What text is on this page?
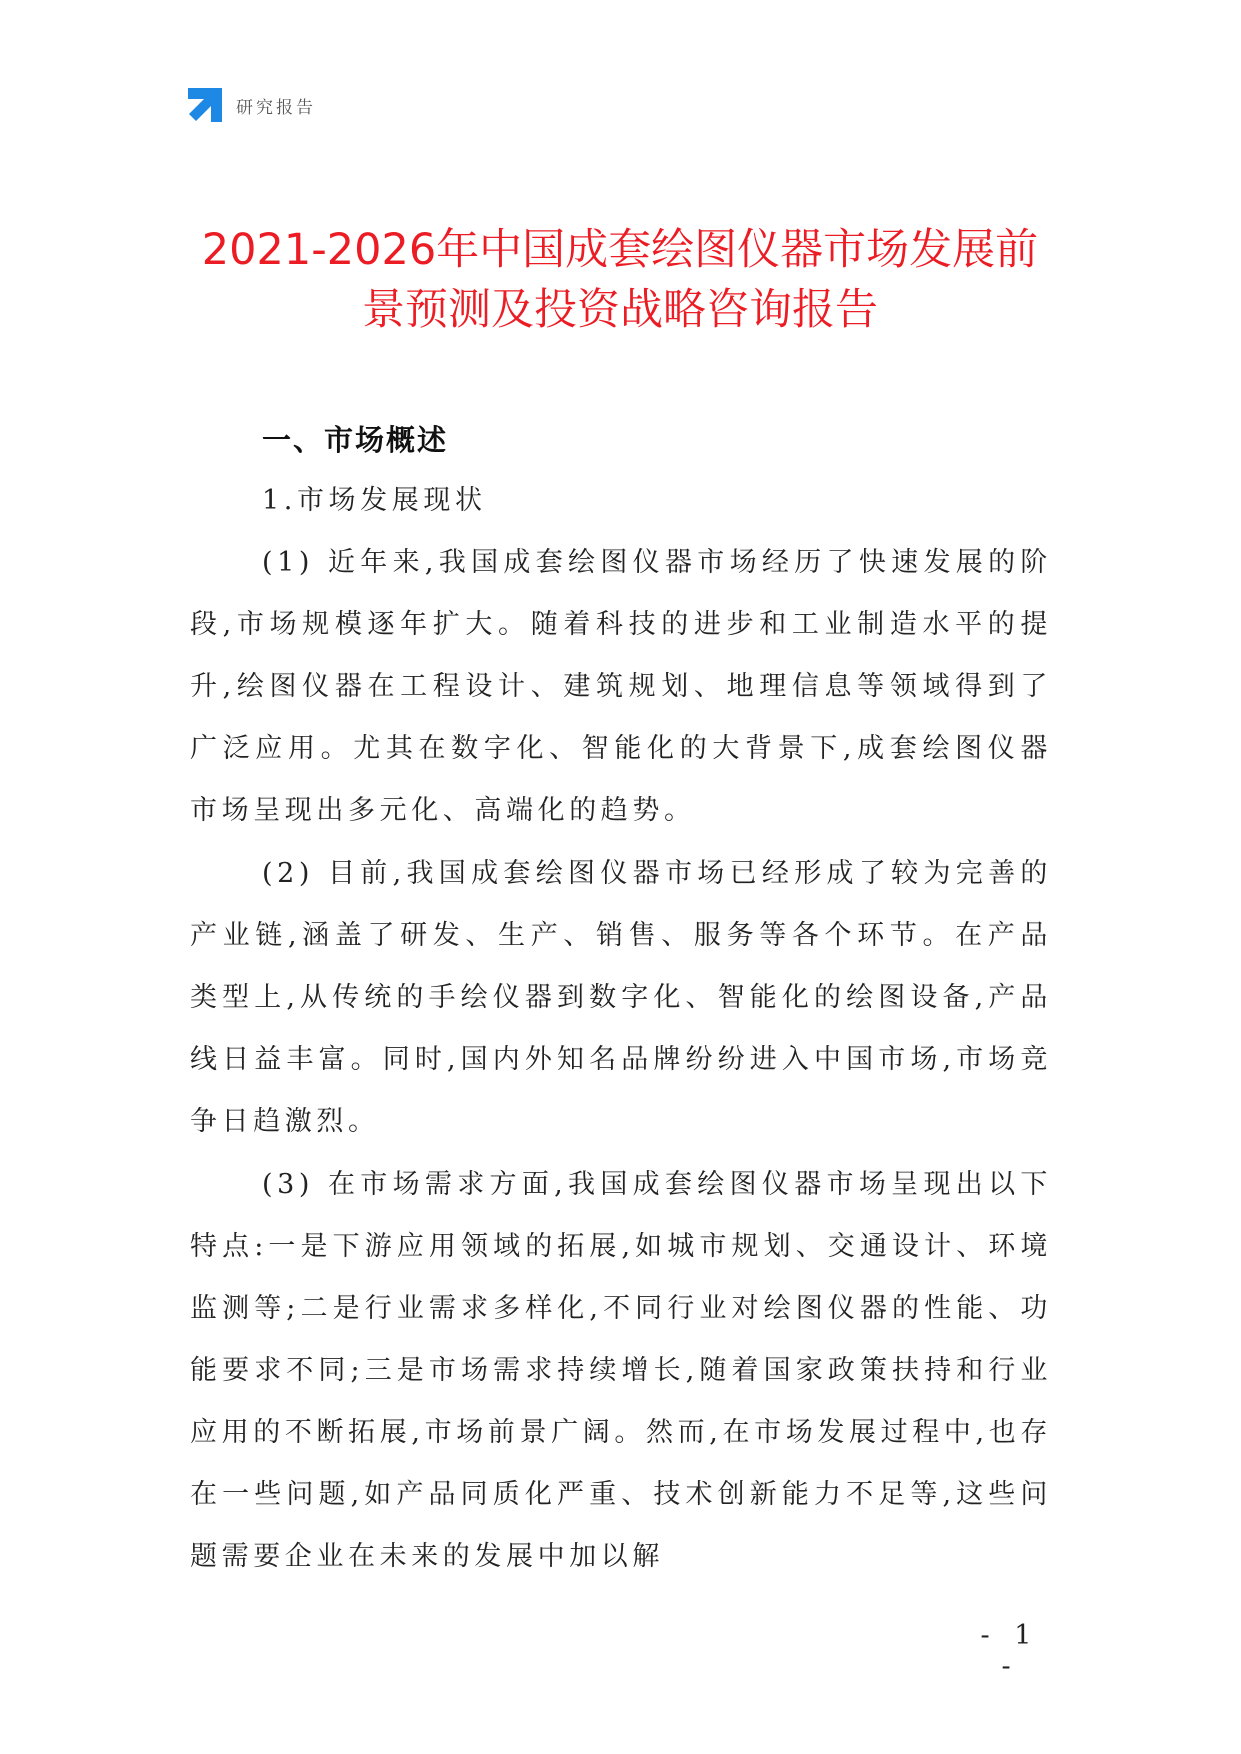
研究报告
2021-2026年中国成套绘图仪器市场发展前景预测及投资战略咨询报告
一、市场概述
1.市场发展现状

(1) 近年来,我国成套绘图仪器市场经历了快速发展的阶段,市场规模逐年扩大。随着科技的进步和工业制造水平的提升,绘图仪器在工程设计、建筑规划、地理信息等领域得到了广泛应用。尤其在数字化、智能化的大背景下,成套绘图仪器市场呈现出多元化、高端化的趋势。

(2) 目前,我国成套绘图仪器市场已经形成了较为完善的产业链,涵盖了研发、生产、销售、服务等各个环节。在产品类型上,从传统的手绘仪器到数字化、智能化的绘图设备,产品线日益丰富。同时,国内外知名品牌纷纷进入中国市场,市场竞争日趋激烈。

(3) 在市场需求方面,我国成套绘图仪器市场呈现出以下特点:一是下游应用领域的拓展,如城市规划、交通设计、环境监测等;二是行业需求多样化,不同行业对绘图仪器的性能、功能要求不同;三是市场需求持续增长,随着国家政策扶持和行业应用的不断拓展,市场前景广阔。然而,在市场发展过程中,也存在一些问题,如产品同质化严重、技术创新能力不足等,这些问题需要企业在未来的发展中加以解

- 1 -
